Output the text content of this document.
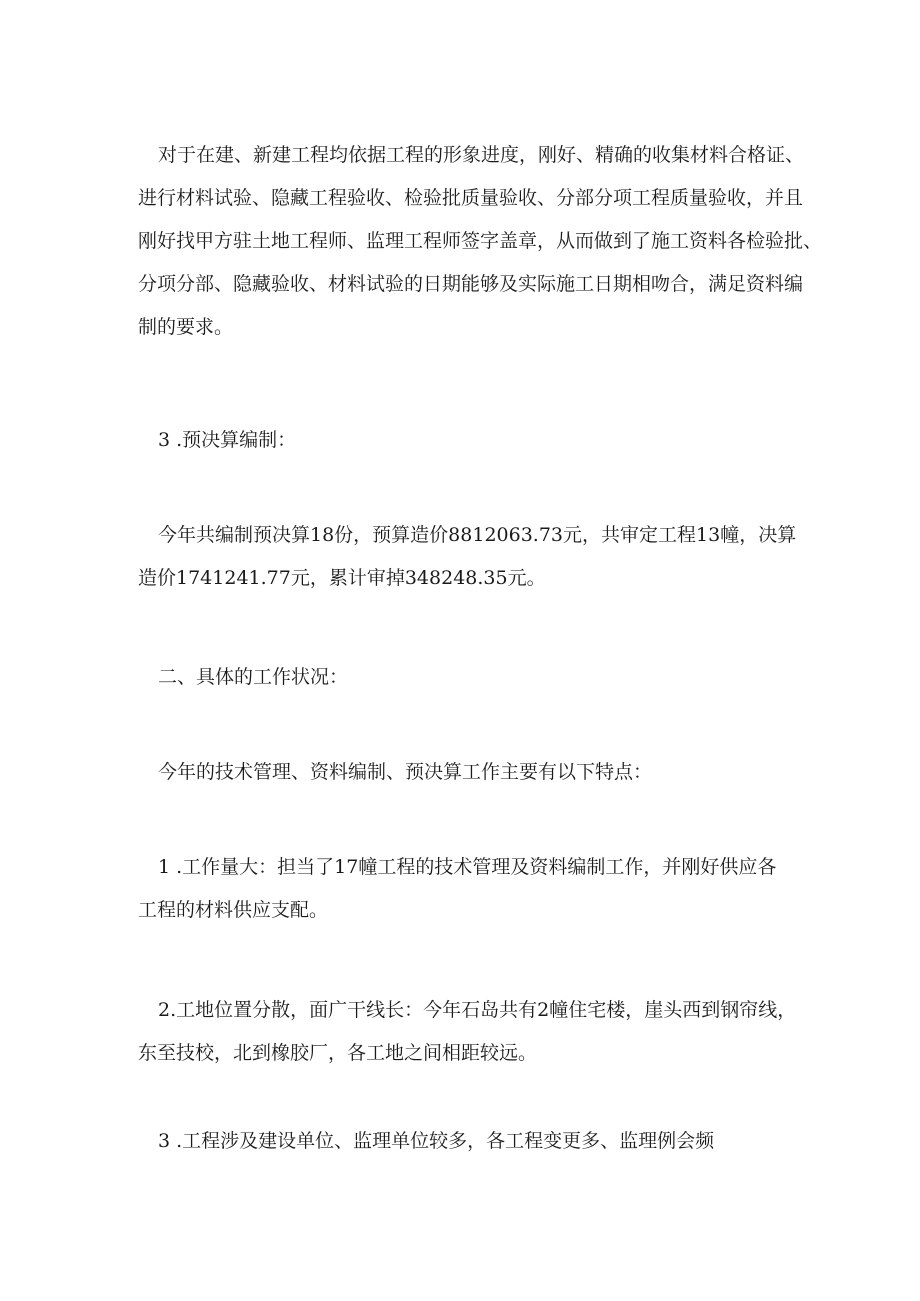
对于在建、新建工程均依据工程的形象进度，刚好、精确的收集材料合格证、
进行材料试验、隐藏工程验收、检验批质量验收、分部分项工程质量验收，并且
刚好找甲方驻土地工程师、监理工程师签字盖章，从而做到了施工资料各检验批、
分项分部、隐藏验收、材料试验的日期能够及实际施工日期相吻合，满足资料编
制的要求。

3 .预决算编制：

今年共编制预决算18份，预算造价8812063.73元，共审定工程13幢，决算
造价1741241.77元，累计审掉348248.35元。

二、具体的工作状况：

今年的技术管理、资料编制、预决算工作主要有以下特点：

1 .工作量大：担当了17幢工程的技术管理及资料编制工作，并刚好供应各
工程的材料供应支配。

2.工地位置分散，面广干线长：今年石岛共有2幢住宅楼，崖头西到钢帘线，
东至技校，北到橡胶厂，各工地之间相距较远。

3 .工程涉及建设单位、监理单位较多，各工程变更多、监理例会频
